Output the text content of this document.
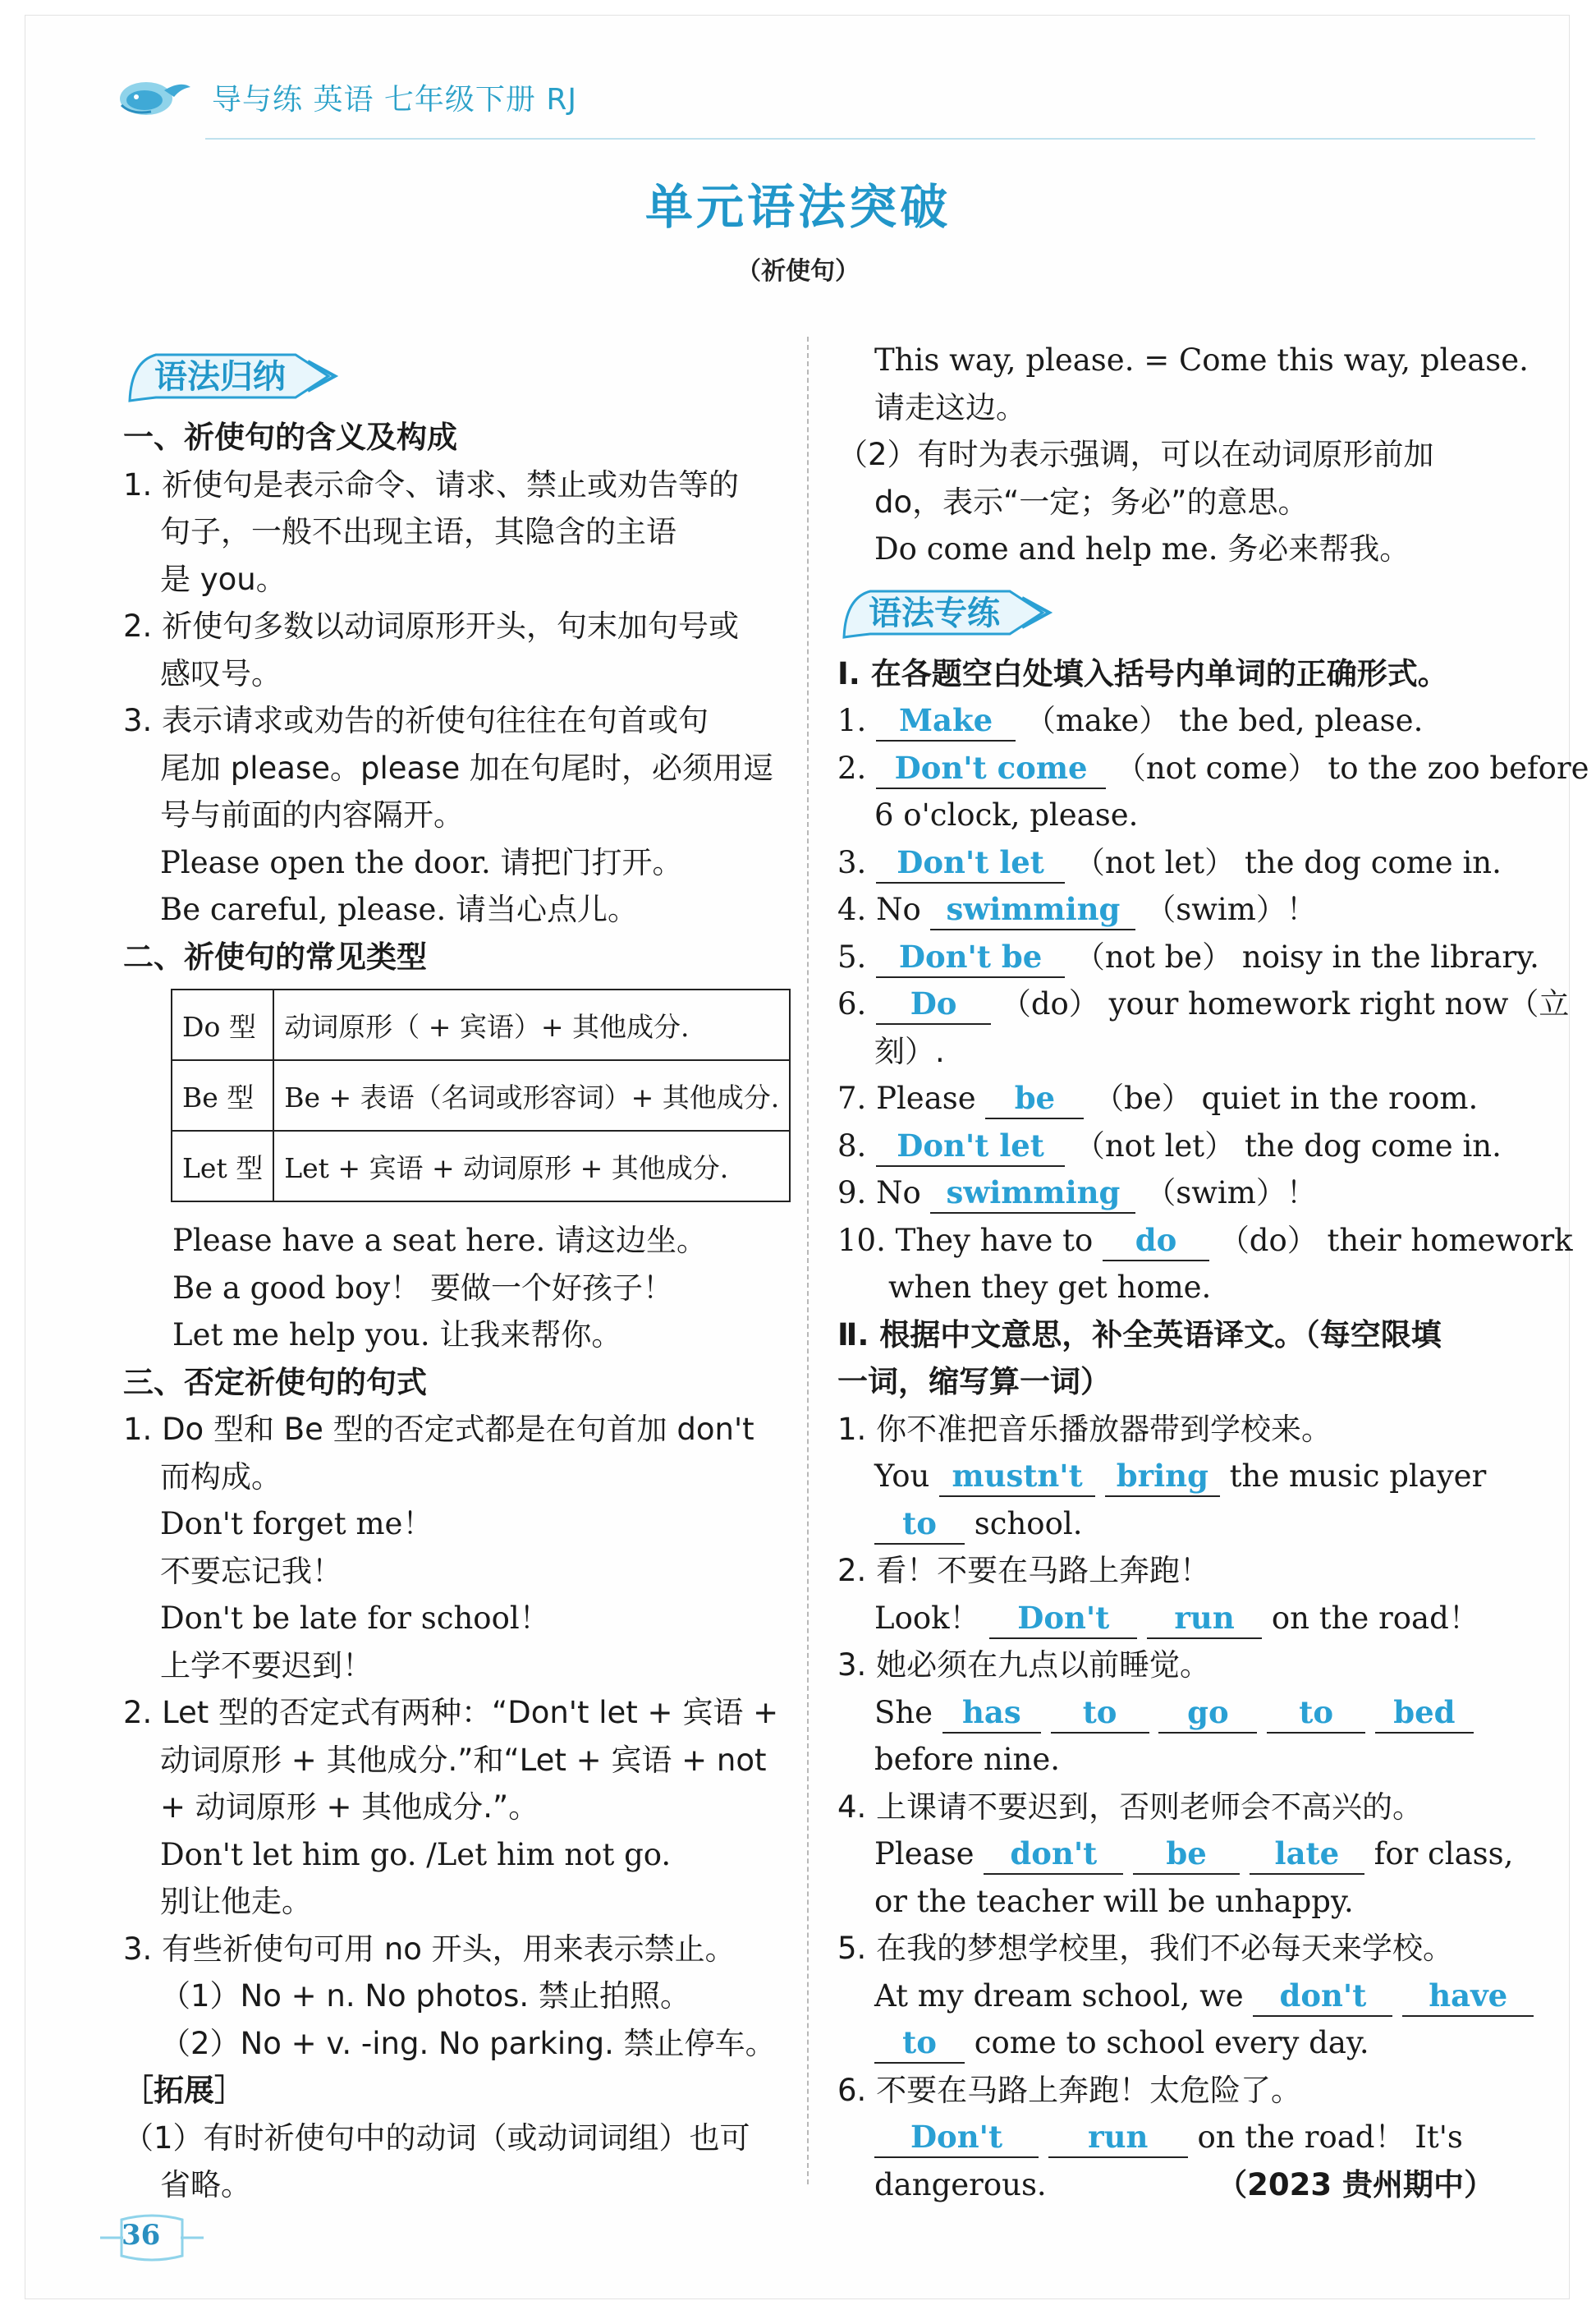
导与练 英语 七年级下册 RJ
单元语法突破
（祈使句）
语法归纳
一、祈使句的含义及构成
1. 祈使句是表示命令、请求、禁止或劝告等的
句子，一般不出现主语，其隐含的主语
是 you。
2. 祈使句多数以动词原形开头，句末加句号或
感叹号。
3. 表示请求或劝告的祈使句往往在句首或句
尾加 please。please 加在句尾时，必须用逗
号与前面的内容隔开。
Please open the door. 请把门打开。
Be careful, please. 请当心点儿。
二、祈使句的常见类型
Do 型	动词原形（ + 宾语）+ 其他成分.
Be 型	Be + 表语（名词或形容词）+ 其他成分.
Let 型	Let + 宾语 + 动词原形 + 其他成分.
Please have a seat here. 请这边坐。
Be a good boy！ 要做一个好孩子！
Let me help you. 让我来帮你。
三、否定祈使句的句式
1. Do 型和 Be 型的否定式都是在句首加 don't
而构成。
Don't forget me！
不要忘记我！
Don't be late for school！
上学不要迟到！
2. Let 型的否定式有两种：“Don't let + 宾语 +
动词原形 + 其他成分.”和“Let + 宾语 + not
+ 动词原形 + 其他成分.”。
Don't let him go. /Let him not go.
别让他走。
3. 有些祈使句可用 no 开头，用来表示禁止。
（1）No + n. No photos. 禁止拍照。
（2）No + v. -ing. No parking. 禁止停车。
［拓展］
（1）有时祈使句中的动词（或动词词组）也可
省略。
This way, please. = Come this way, please.
请走这边。
（2）有时为表示强调，可以在动词原形前加
do，表示“一定；务必”的意思。
Do come and help me. 务必来帮我。
语法专练
Ⅰ. 在各题空白处填入括号内单词的正确形式。
1. Make （make） the bed, please.
2. Don't come （not come） to the zoo before
6 o'clock, please.
3. Don't let （not let） the dog come in.
4. No swimming （swim）！
5. Don't be （not be） noisy in the library.
6. Do （do） your homework right now（立
刻）.
7. Please be （be） quiet in the room.
8. Don't let （not let） the dog come in.
9. No swimming （swim）！
10. They have to do （do） their homework
when they get home.
Ⅱ. 根据中文意思，补全英语译文。（每空限填
一词，缩写算一词）
1. 你不准把音乐播放器带到学校来。
You mustn't bring the music player
to school.
2. 看！不要在马路上奔跑！
Look！ Don't run on the road！
3. 她必须在九点以前睡觉。
She has to go to bed
before nine.
4. 上课请不要迟到，否则老师会不高兴的。
Please don't be late for class,
or the teacher will be unhappy.
5. 在我的梦想学校里，我们不必每天来学校。
At my dream school, we don't have
to come to school every day.
6. 不要在马路上奔跑！太危险了。
Don't	run on the road！ It's
dangerous.	（2023 贵州期中）
36
